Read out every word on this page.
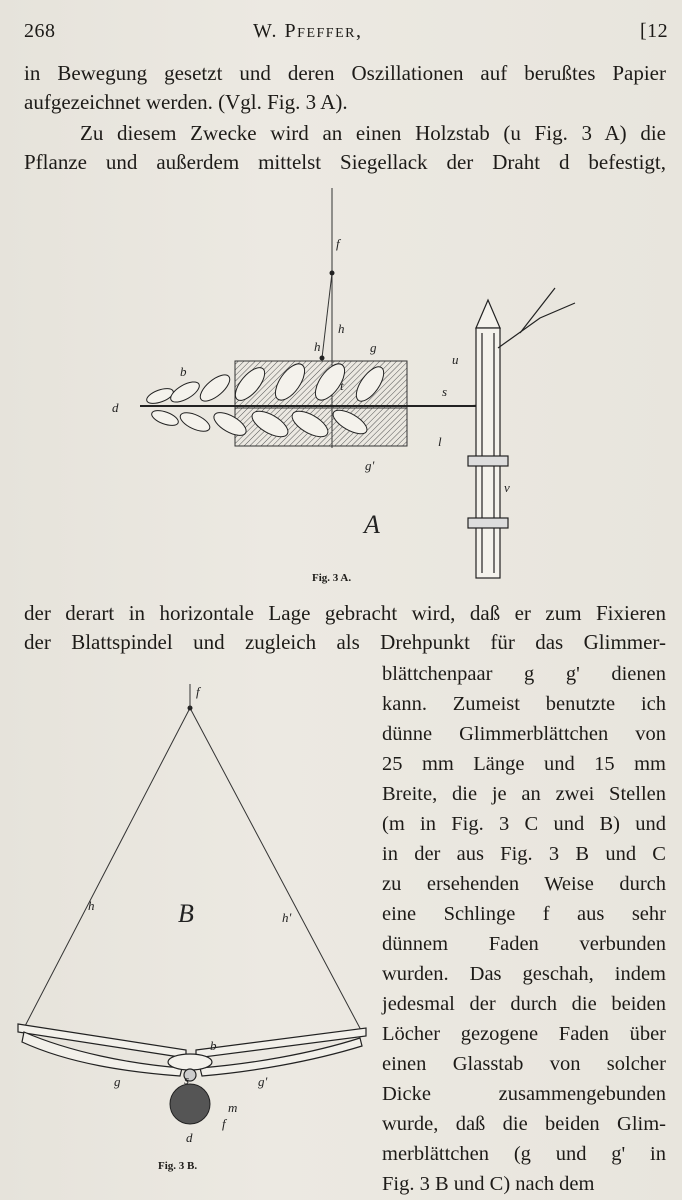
268	W. Pfeffer,	[12
in Bewegung gesetzt und deren Oszillationen auf berußtes Papier
aufgezeichnet werden. (Vgl. Fig. 3 A).
Zu diesem Zwecke wird an einen Holzstab (u Fig. 3 A) die
Pflanze und außerdem mittelst Siegellack der Draht d befestigt,
f
h
h	g
g'
b
d
u
s
l
t
v
A
Fig. 3 A.
der derart in horizontale Lage gebracht wird, daß er zum Fixieren
der Blattspindel und zugleich als Drehpunkt für das Glimmer-
blättchenpaar g g' dienen
kann. Zumeist benutzte ich
dünne Glimmerblättchen von
25 mm Länge und 15 mm
Breite, die je an zwei Stellen
(m in Fig. 3 C und B) und
in der aus Fig. 3 B und C
zu ersehenden Weise durch
eine Schlinge f aus sehr
dünnem Faden verbunden
wurden. Das geschah, indem
jedesmal der durch die beiden
Löcher gezogene Faden über
einen Glasstab von solcher
Dicke zusammengebunden
wurde, daß die beiden Glim-
merblättchen (g und g' in
Fig. 3 B und C) nach dem
f
h
h'
b
s
g	g'
m
d
f
B
Fig. 3 B.
